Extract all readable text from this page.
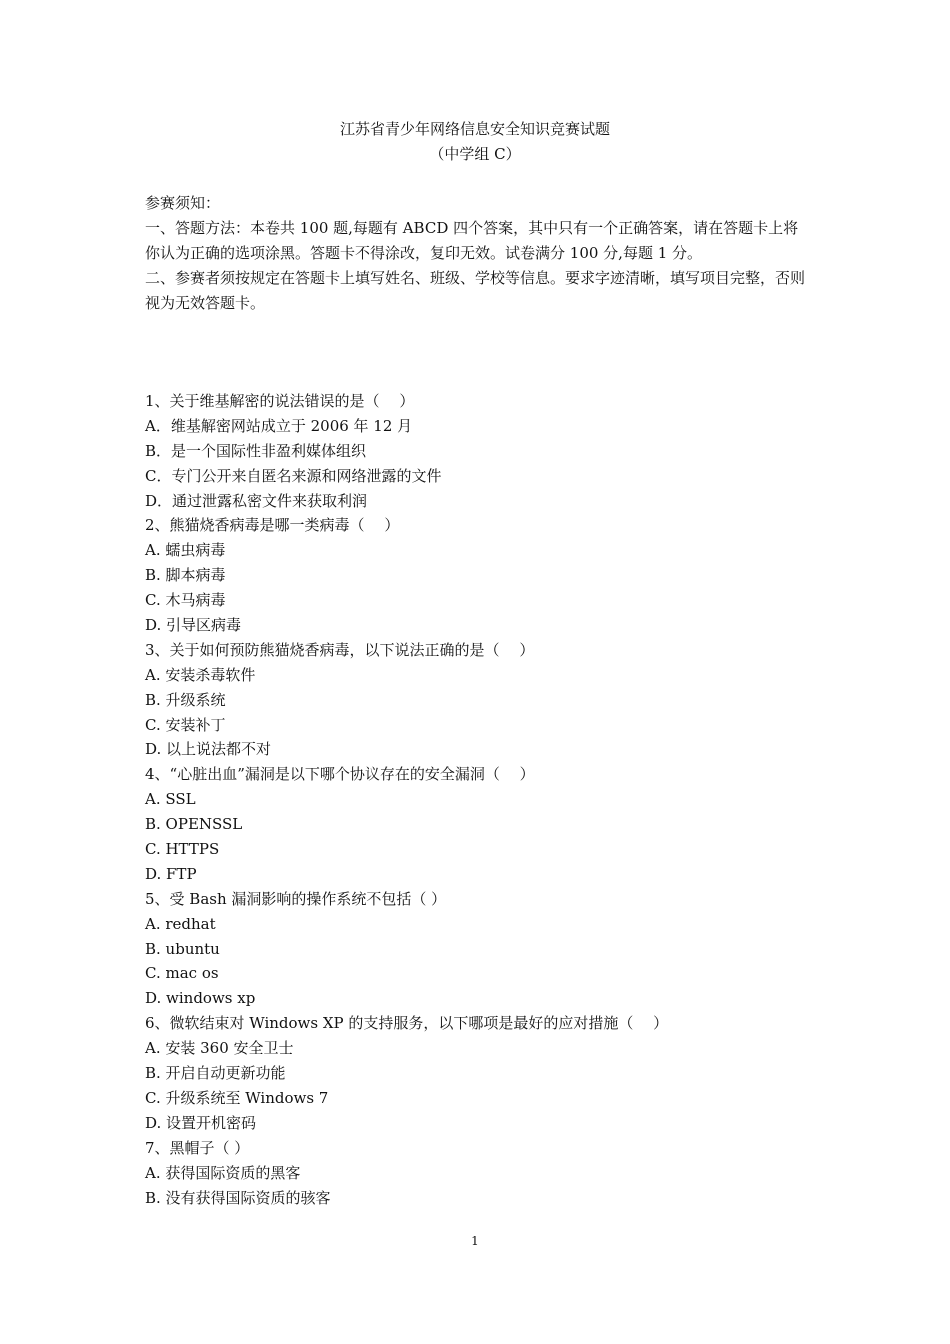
江苏省青少年网络信息安全知识竞赛试题
（中学组 C）

参赛须知：

一、答题方法：本卷共 100 题,每题有 ABCD 四个答案，其中只有一个正确答案，请在答题卡上将你认为正确的选项涂黑。答题卡不得涂改，复印无效。试卷满分 100 分,每题 1 分。

二、参赛者须按规定在答题卡上填写姓名、班级、学校等信息。要求字迹清晰，填写项目完整，否则视为无效答题卡。

1、关于维基解密的说法错误的是（　 ）
A．维基解密网站成立于 2006 年 12 月
B．是一个国际性非盈利媒体组织
C．专门公开来自匿名来源和网络泄露的文件
D．通过泄露私密文件来获取利润
2、熊猫烧香病毒是哪一类病毒（　 ）
A. 蠕虫病毒
B. 脚本病毒
C. 木马病毒
D. 引导区病毒
3、关于如何预防熊猫烧香病毒，以下说法正确的是（　 ）
A. 安装杀毒软件
B. 升级系统
C. 安装补丁
D. 以上说法都不对
4、“心脏出血”漏洞是以下哪个协议存在的安全漏洞（　 ）
A. SSL
B. OPENSSL
C. HTTPS
D. FTP
5、受 Bash 漏洞影响的操作系统不包括（ ）
A. redhat
B. ubuntu
C. mac os
D. windows xp
6、微软结束对 Windows XP 的支持服务，以下哪项是最好的应对措施（　 ）
A. 安装 360 安全卫士
B. 开启自动更新功能
C. 升级系统至 Windows 7
D. 设置开机密码
7、黑帽子（ ）
A. 获得国际资质的黑客
B. 没有获得国际资质的骇客
1
